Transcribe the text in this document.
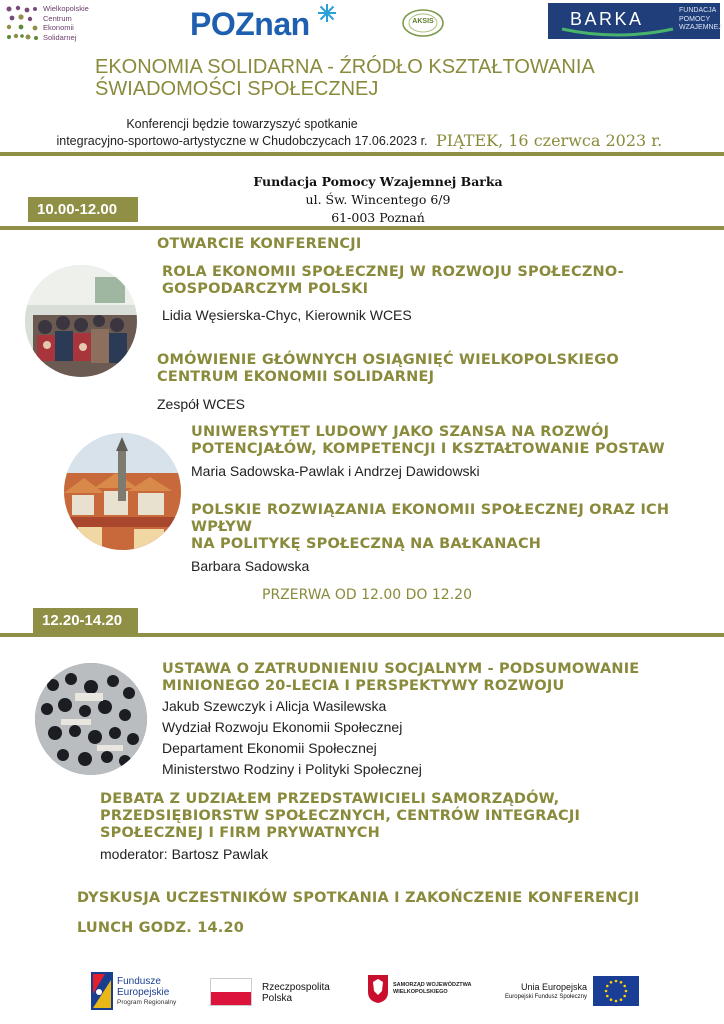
Wielkopolskie
Centrum
Ekonomii
Solidarnej	POZnan	AKSIS	BARKA	FUNDACJA
POMOCY
WZAJEMNEJ
EKONOMIA SOLIDARNA - ŹRÓDŁO KSZTAŁTOWANIA
ŚWIADOMOŚCI SPOŁECZNEJ
Konferencji będzie towarzyszyć spotkanie
integracyjno-sportowo-artystyczne w Chudobczycach 17.06.2023 r. PIĄTEK, 16 czerwca 2023 r.
Fundacja Pomocy Wzajemnej Barka
ul. Św. Wincentego 6/9
61-003 Poznań
10.00-12.00
OTWARCIE KONFERENCJI
ROLA EKONOMII SPOŁECZNEJ W ROZWOJU SPOŁECZNO-
GOSPODARCZYM POLSKI
Lidia Węsierska-Chyc, Kierownik WCES
OMÓWIENIE GŁÓWNYCH OSIĄGNIĘĆ WIELKOPOLSKIEGO
CENTRUM EKONOMII SOLIDARNEJ
Zespół WCES
UNIWERSYTET LUDOWY JAKO SZANSA NA ROZWÓJ
POTENCJAŁÓW, KOMPETENCJI I KSZTAŁTOWANIE POSTAW
Maria Sadowska-Pawlak i Andrzej Dawidowski
POLSKIE ROZWIĄZANIA EKONOMII SPOŁECZNEJ ORAZ ICH WPŁYW
NA POLITYKĘ SPOŁECZNĄ NA BAŁKANACH
Barbara Sadowska
PRZERWA OD 12.00 DO 12.20
12.20-14.20
USTAWA O ZATRUDNIENIU SOCJALNYM - PODSUMOWANIE
MINIONEGO 20-LECIA I PERSPEKTYWY ROZWOJU
Jakub Szewczyk i Alicja Wasilewska
Wydział Rozwoju Ekonomii Społecznej
Departament Ekonomii Społecznej
Ministerstwo Rodziny i Polityki Społecznej
DEBATA Z UDZIAŁEM PRZEDSTAWICIELI SAMORZĄDÓW,
PRZEDSIĘBIORSTW SPOŁECZNYCH, CENTRÓW INTEGRACJI
SPOŁECZNEJ I FIRM PRYWATNYCH
moderator: Bartosz Pawlak
DYSKUSJA UCZESTNIKÓW SPOTKANIA I ZAKOŃCZENIE KONFERENCJI
LUNCH GODZ. 14.20
Fundusze
Europejskie
Program Regionalny
Rzeczpospolita
Polska
SAMORZĄD WOJEWÓDZTWA
WIELKOPOLSKIEGO	Unia Europejska
Europejski Fundusz Społeczny
